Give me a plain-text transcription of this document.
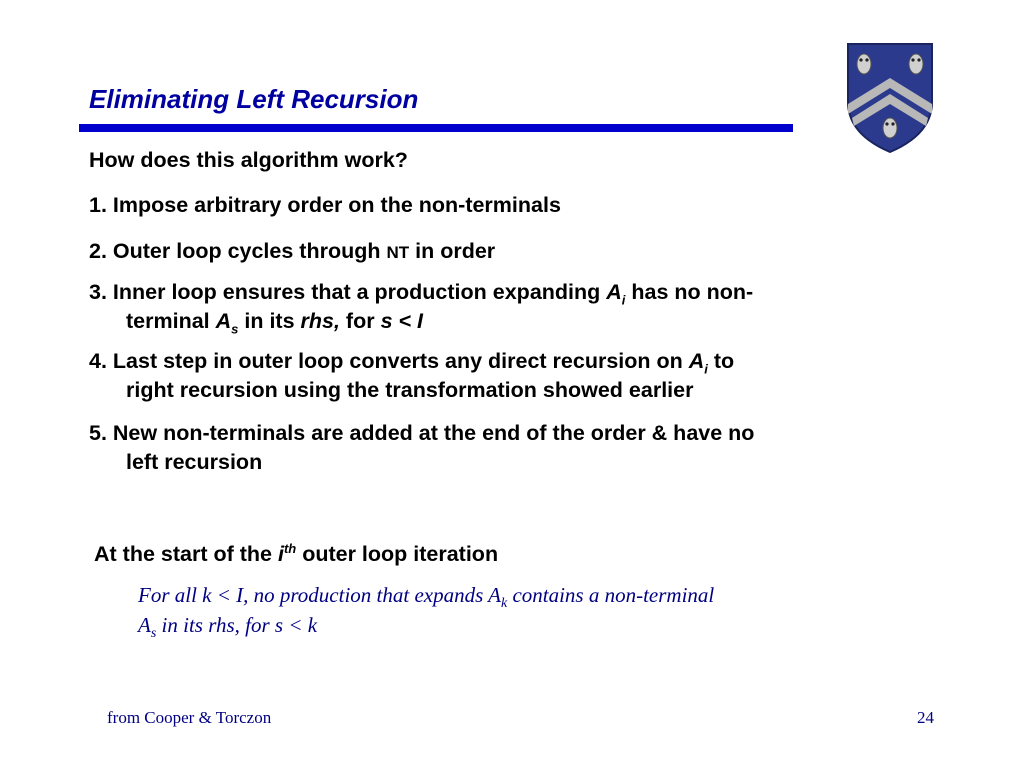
Eliminating Left Recursion
How does this algorithm work?
1. Impose arbitrary order on the non-terminals
2. Outer loop cycles through NT in order
3. Inner loop ensures that a production expanding $A_i$ has no non-
terminal $A_s$ in its rhs, for s < I
4. Last step in outer loop converts any direct recursion on $A_i$ to
right recursion using the transformation showed earlier
5. New non-terminals are added at the end of the order & have no
left recursion
At the start of the $i^{th}$ outer loop iteration
For all k < I, no production that expands $A_k$ contains a non-terminal
$A_s$ in its rhs, for s < k
from Cooper & Torczon	24
